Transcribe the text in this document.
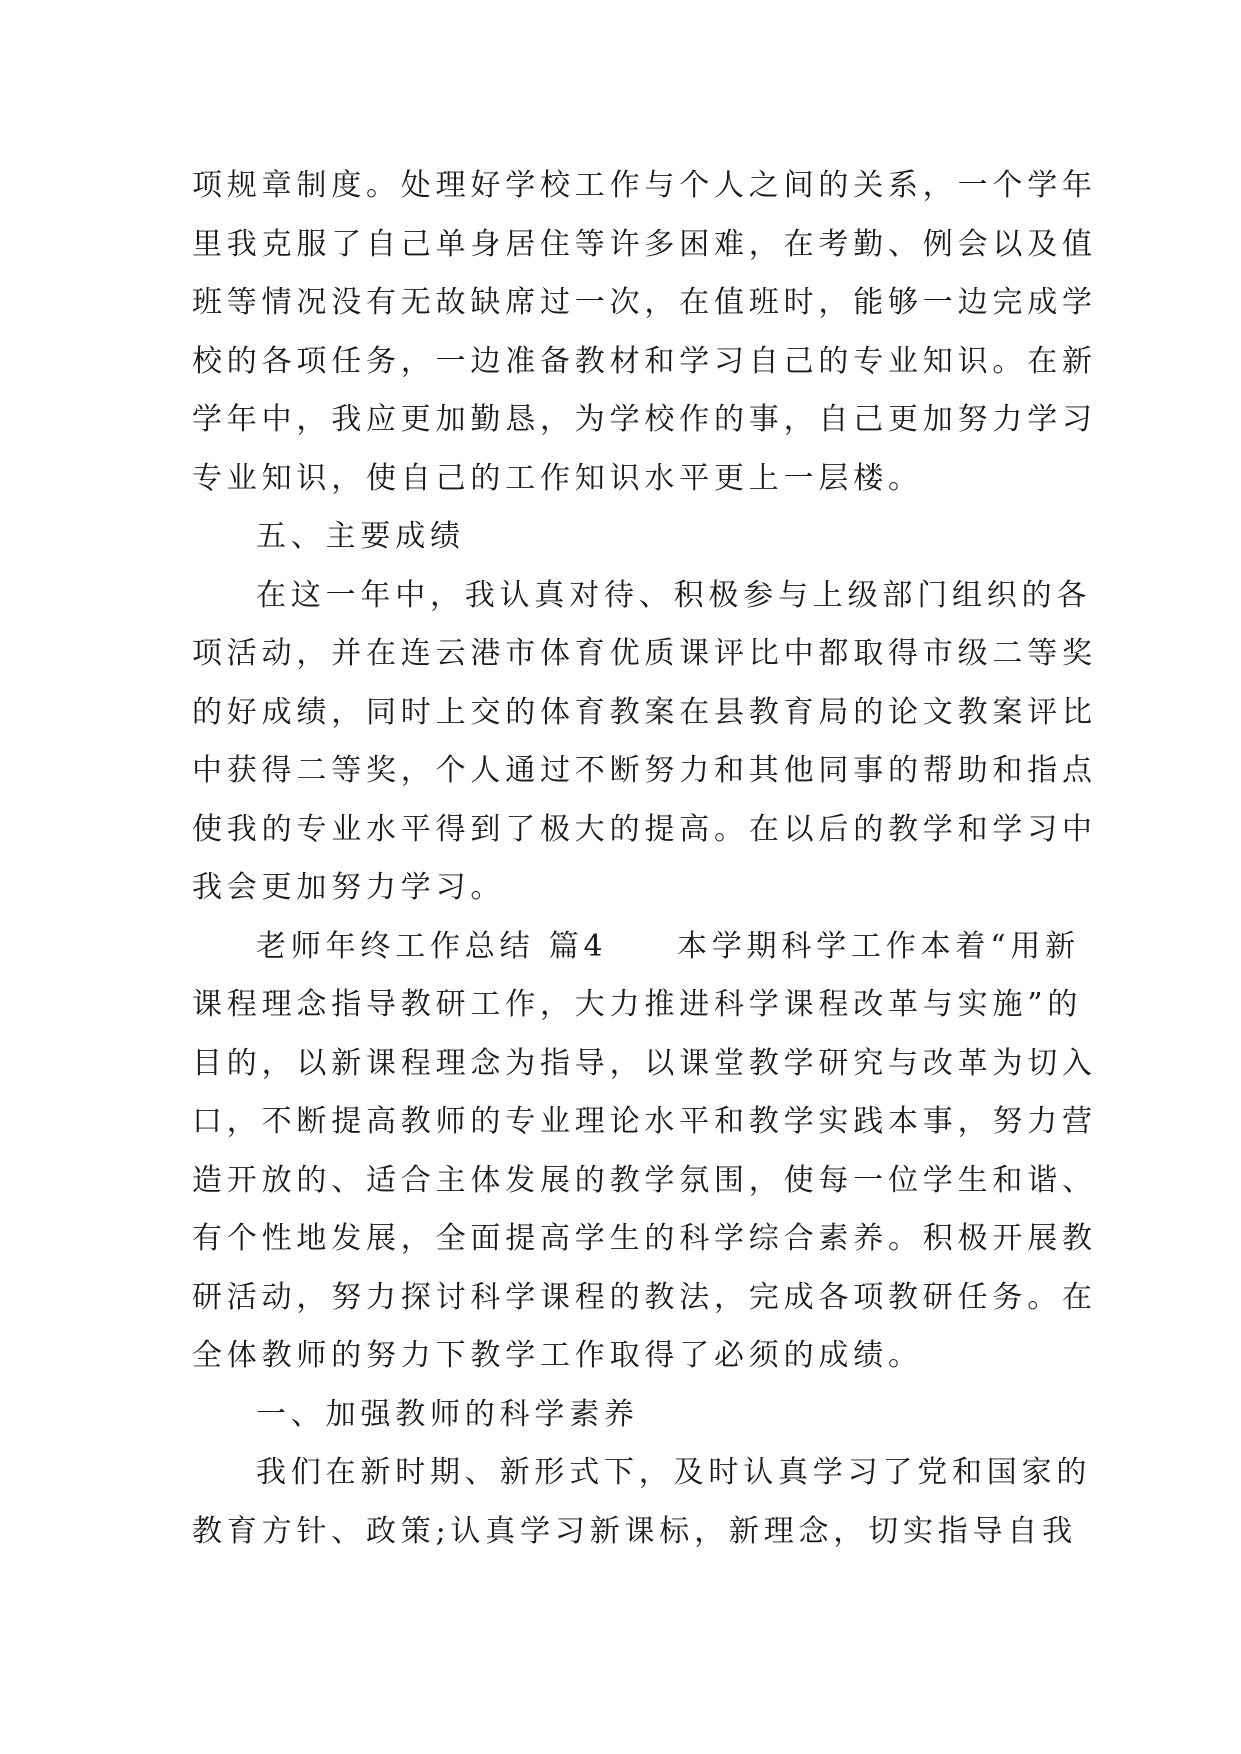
项规章制度。处理好学校工作与个人之间的关系，一个学年
里我克服了自己单身居住等许多困难，在考勤、例会以及值
班等情况没有无故缺席过一次，在值班时，能够一边完成学
校的各项任务，一边准备教材和学习自己的专业知识。在新
学年中，我应更加勤恳，为学校作的事，自己更加努力学习
专业知识，使自己的工作知识水平更上一层楼。
五、主要成绩
在这一年中，我认真对待、积极参与上级部门组织的各
项活动，并在连云港市体育优质课评比中都取得市级二等奖
的好成绩，同时上交的体育教案在县教育局的论文教案评比
中获得二等奖，个人通过不断努力和其他同事的帮助和指点
使我的专业水平得到了极大的提高。在以后的教学和学习中
我会更加努力学习。
老师年终工作总结 篇4　　本学期科学工作本着“用新
课程理念指导教研工作，大力推进科学课程改革与实施”的
目的，以新课程理念为指导，以课堂教学研究与改革为切入
口，不断提高教师的专业理论水平和教学实践本事，努力营
造开放的、适合主体发展的教学氛围，使每一位学生和谐、
有个性地发展，全面提高学生的科学综合素养。积极开展教
研活动，努力探讨科学课程的教法，完成各项教研任务。在
全体教师的努力下教学工作取得了必须的成绩。
一、加强教师的科学素养
我们在新时期、新形式下，及时认真学习了党和国家的
教育方针、政策;认真学习新课标，新理念，切实指导自我
